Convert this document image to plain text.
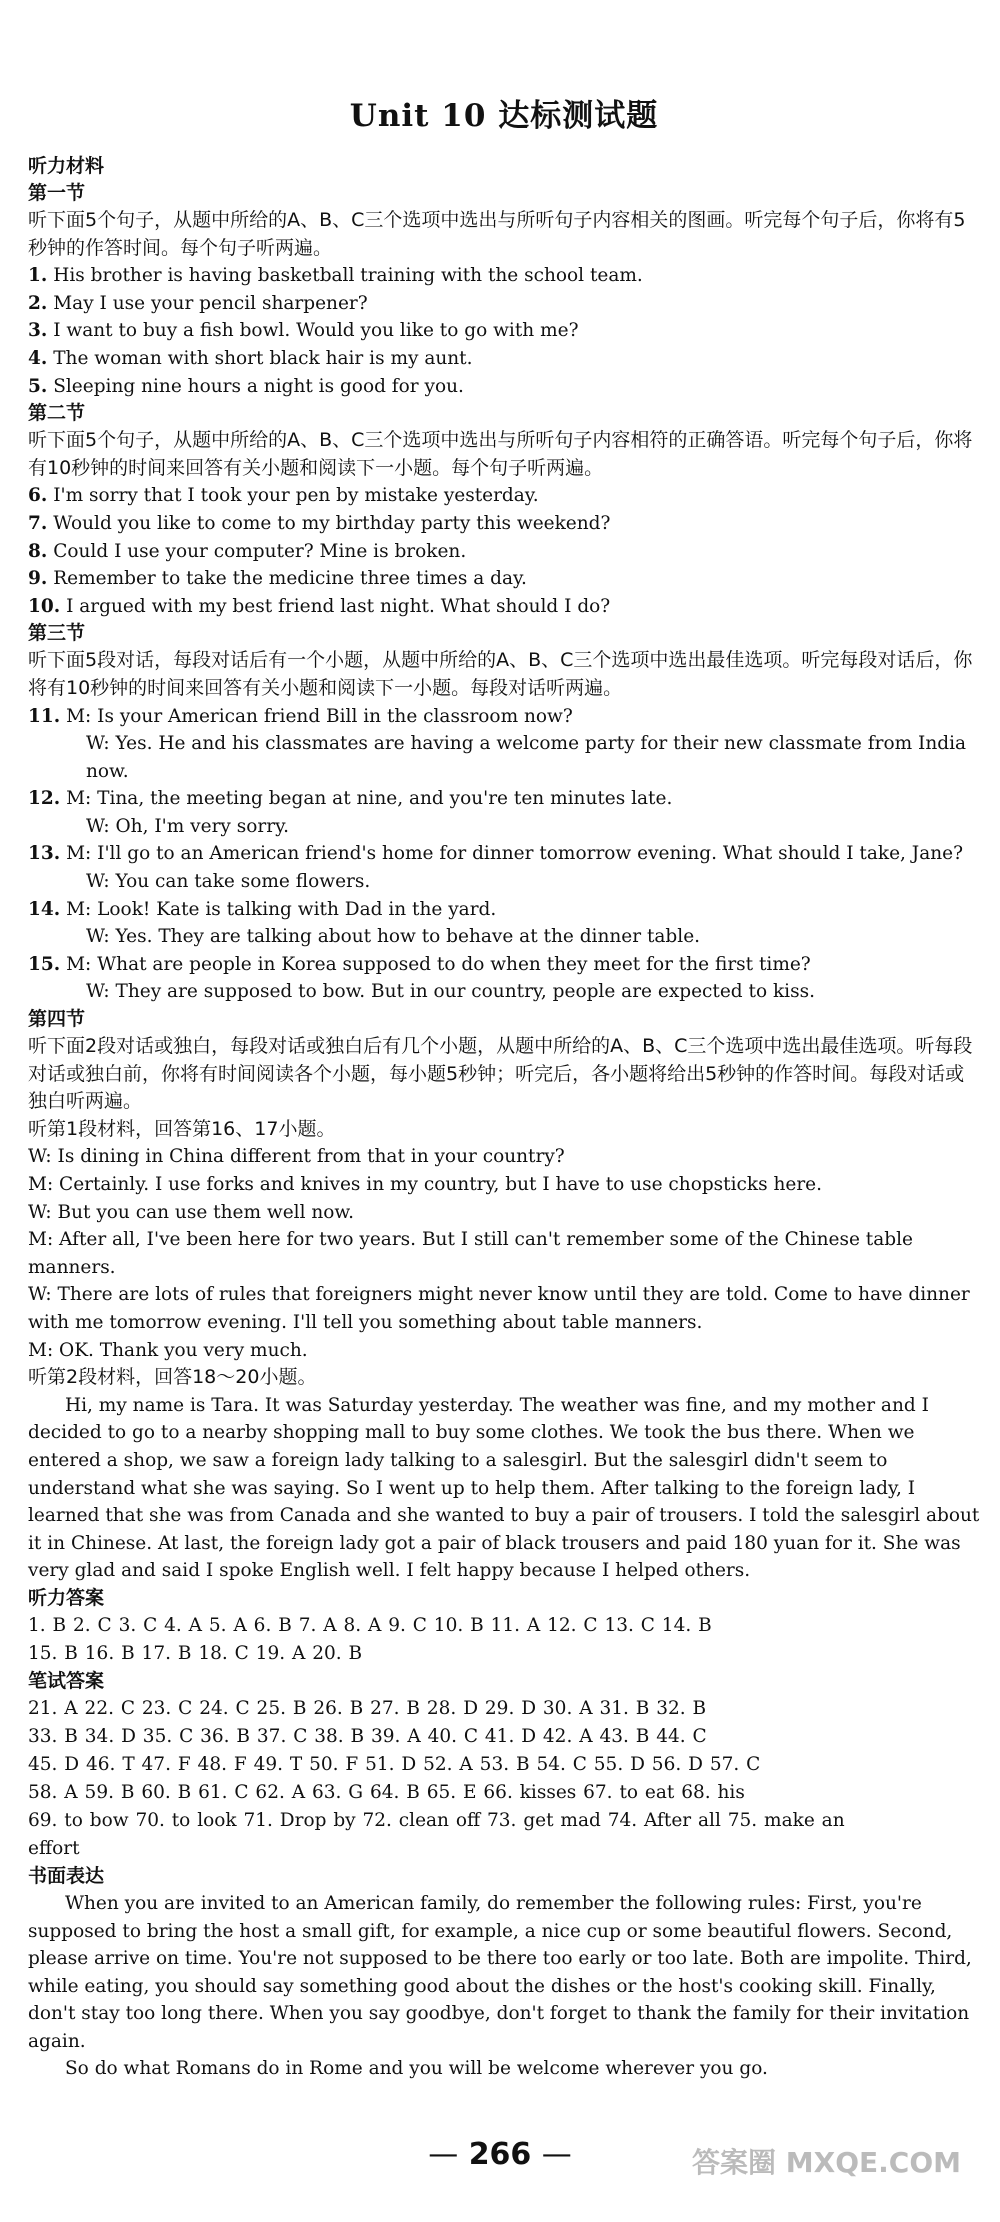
Unit 10 达标测试题
听力材料
第一节

听下面5个句子，从题中所给的A、B、C三个选项中选出与所听句子内容相关的图画。听完每个句子后，你将有5秒钟的作答时间。每个句子听两遍。

1. His brother is having basketball training with the school team.

2. May I use your pencil sharpener?

3. I want to buy a fish bowl. Would you like to go with me?

4. The woman with short black hair is my aunt.

5. Sleeping nine hours a night is good for you.

第二节

听下面5个句子，从题中所给的A、B、C三个选项中选出与所听句子内容相符的正确答语。听完每个句子后，你将有10秒钟的时间来回答有关小题和阅读下一小题。每个句子听两遍。

6. I'm sorry that I took your pen by mistake yesterday.

7. Would you like to come to my birthday party this weekend?

8. Could I use your computer? Mine is broken.

9. Remember to take the medicine three times a day.

10. I argued with my best friend last night. What should I do?

第三节

听下面5段对话，每段对话后有一个小题，从题中所给的A、B、C三个选项中选出最佳选项。听完每段对话后，你将有10秒钟的时间来回答有关小题和阅读下一小题。每段对话听两遍。

11. M: Is your American friend Bill in the classroom now?

W: Yes. He and his classmates are having a welcome party for their new classmate from India now.

12. M: Tina, the meeting began at nine, and you're ten minutes late.

W: Oh, I'm very sorry.

13. M: I'll go to an American friend's home for dinner tomorrow evening. What should I take, Jane?

W: You can take some flowers.

14. M: Look! Kate is talking with Dad in the yard.

W: Yes. They are talking about how to behave at the dinner table.

15. M: What are people in Korea supposed to do when they meet for the first time?

W: They are supposed to bow. But in our country, people are expected to kiss.

第四节

听下面2段对话或独白，每段对话或独白后有几个小题，从题中所给的A、B、C三个选项中选出最佳选项。听每段对话或独白前，你将有时间阅读各个小题，每小题5秒钟；听完后，各小题将给出5秒钟的作答时间。每段对话或独白听两遍。

听第1段材料，回答第16、17小题。

W: Is dining in China different from that in your country?

M: Certainly. I use forks and knives in my country, but I have to use chopsticks here.

W: But you can use them well now.

M: After all, I've been here for two years. But I still can't remember some of the Chinese table manners.

W: There are lots of rules that foreigners might never know until they are told. Come to have dinner with me tomorrow evening. I'll tell you something about table manners.

M: OK. Thank you very much.

听第2段材料，回答18～20小题。

Hi, my name is Tara. It was Saturday yesterday. The weather was fine, and my mother and I decided to go to a nearby shopping mall to buy some clothes. We took the bus there. When we entered a shop, we saw a foreign lady talking to a salesgirl. But the salesgirl didn't seem to understand what she was saying. So I went up to help them. After talking to the foreign lady, I learned that she was from Canada and she wanted to buy a pair of trousers. I told the salesgirl about it in Chinese. At last, the foreign lady got a pair of black trousers and paid 180 yuan for it. She was very glad and said I spoke English well. I felt happy because I helped others.

听力答案

1. B 2. C 3. C 4. A 5. A 6. B 7. A 8. A 9. C 10. B 11. A 12. C 13. C 14. B

15. B 16. B 17. B 18. C 19. A 20. B

笔试答案

21. A 22. C 23. C 24. C 25. B 26. B 27. B 28. D 29. D 30. A 31. B 32. B

33. B 34. D 35. C 36. B 37. C 38. B 39. A 40. C 41. D 42. A 43. B 44. C

45. D 46. T 47. F 48. F 49. T 50. F 51. D 52. A 53. B 54. C 55. D 56. D 57. C

58. A 59. B 60. B 61. C 62. A 63. G 64. B 65. E 66. kisses 67. to eat 68. his

69. to bow 70. to look 71. Drop by 72. clean off 73. get mad 74. After all 75. make an

effort

书面表达

When you are invited to an American family, do remember the following rules: First, you're supposed to bring the host a small gift, for example, a nice cup or some beautiful flowers. Second, please arrive on time. You're not supposed to be there too early or too late. Both are impolite. Third, while eating, you should say something good about the dishes or the host's cooking skill. Finally, don't stay too long there. When you say goodbye, don't forget to thank the family for their invitation again.

So do what Romans do in Rome and you will be welcome wherever you go.

— 266 —	答案圈 MXQE.COM
